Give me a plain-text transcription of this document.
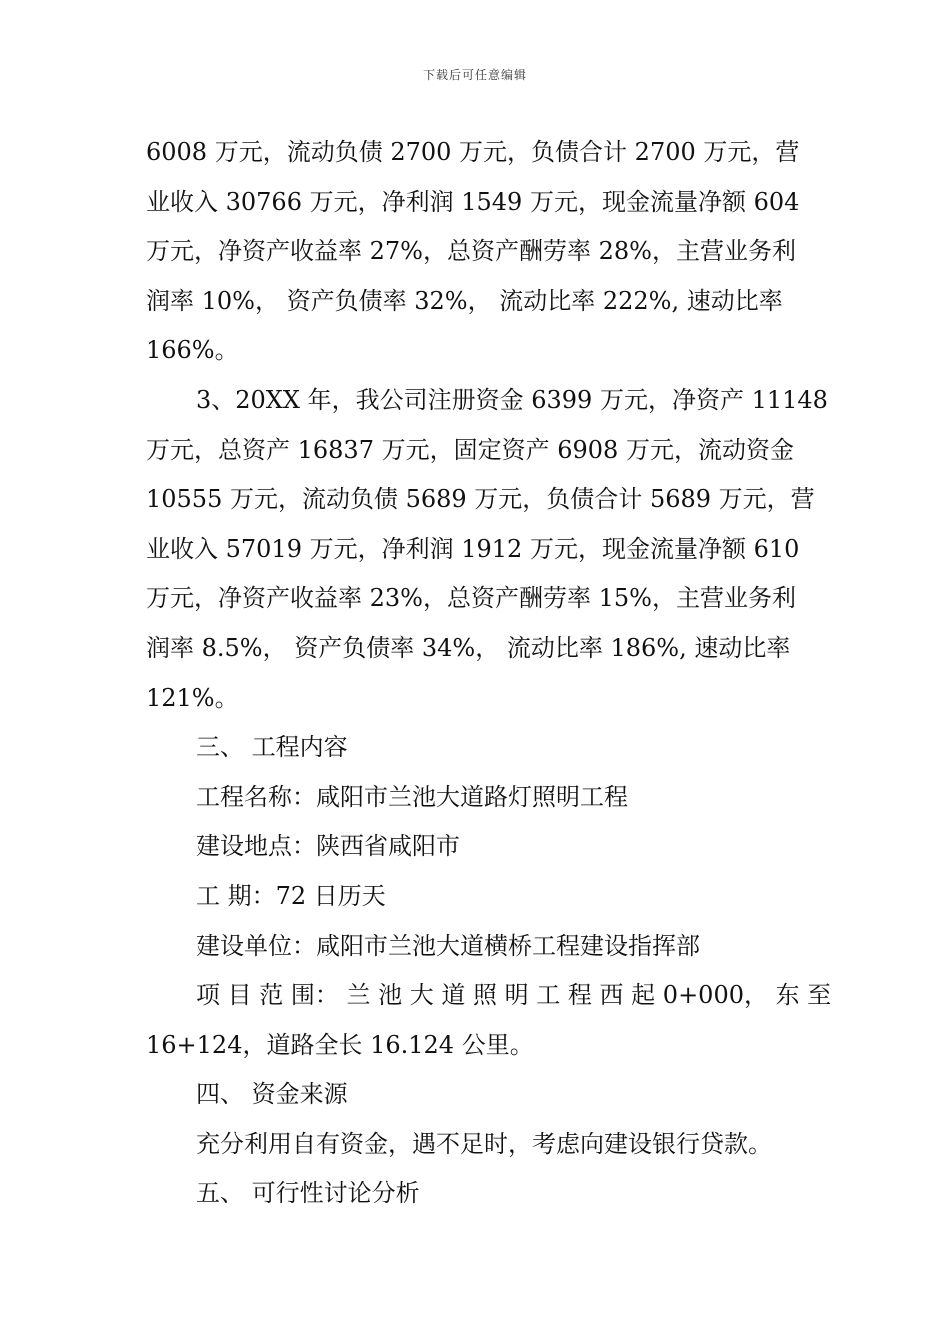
下载后可任意编辑

6008 万元，流动负债 2700 万元，负债合计 2700 万元，营

业收入 30766 万元，净利润 1549 万元，现金流量净额 604

万元，净资产收益率 27%，总资产酬劳率 28%，主营业务利

润率 10%， 资产负债率 32%， 流动比率 222%, 速动比率

166%。

3、20XX 年，我公司注册资金 6399 万元，净资产 11148

万元，总资产 16837 万元，固定资产 6908 万元，流动资金

10555 万元，流动负债 5689 万元，负债合计 5689 万元，营

业收入 57019 万元，净利润 1912 万元，现金流量净额 610

万元，净资产收益率 23%，总资产酬劳率 15%，主营业务利

润率 8.5%， 资产负债率 34%， 流动比率 186%, 速动比率

121%。

三、 工程内容

工程名称：咸阳市兰池大道路灯照明工程

建设地点：陕西省咸阳市

工 期：72 日历天

建设单位：咸阳市兰池大道横桥工程建设指挥部

项 目 范 围： 兰 池 大 道 照 明 工 程 西 起 0+000， 东 至

16+124，道路全长 16.124 公里。

四、 资金来源

充分利用自有资金，遇不足时，考虑向建设银行贷款。

五、 可行性讨论分析
